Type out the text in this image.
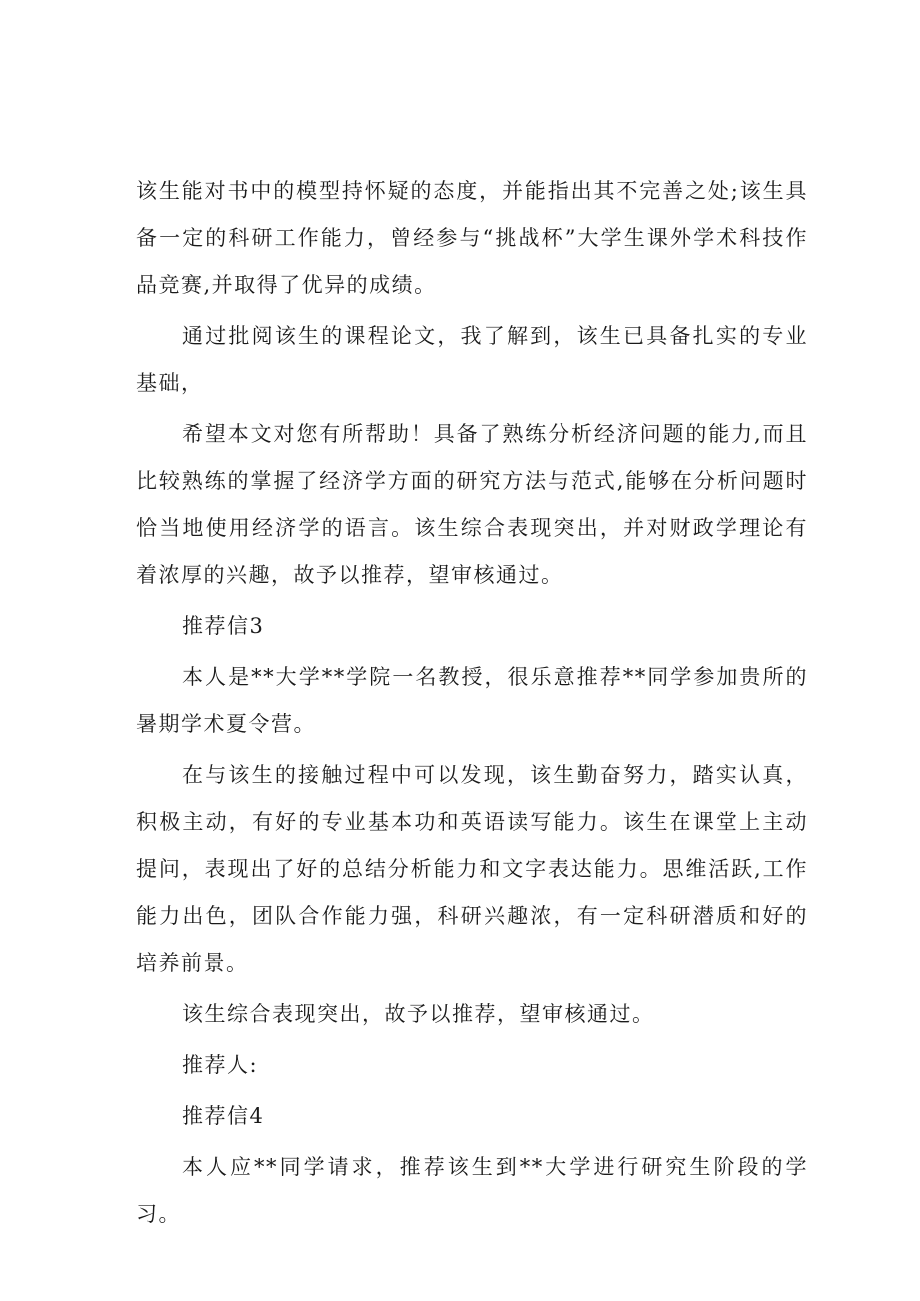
该生能对书中的模型持怀疑的态度，并能指出其不完善之处;该生具备一定的科研工作能力，曾经参与“挑战杯”大学生课外学术科技作品竞赛,并取得了优异的成绩。

通过批阅该生的课程论文，我了解到，该生已具备扎实的专业基础，

希望本文对您有所帮助！具备了熟练分析经济问题的能力,而且比较熟练的掌握了经济学方面的研究方法与范式,能够在分析问题时恰当地使用经济学的语言。该生综合表现突出，并对财政学理论有着浓厚的兴趣，故予以推荐，望审核通过。

推荐信3

本人是**大学**学院一名教授，很乐意推荐**同学参加贵所的暑期学术夏令营。

在与该生的接触过程中可以发现，该生勤奋努力，踏实认真，积极主动，有好的专业基本功和英语读写能力。该生在课堂上主动提问，表现出了好的总结分析能力和文字表达能力。思维活跃,工作能力出色，团队合作能力强，科研兴趣浓，有一定科研潜质和好的培养前景。

该生综合表现突出，故予以推荐，望审核通过。

推荐人:

推荐信4

本人应**同学请求，推荐该生到**大学进行研究生阶段的学习。
